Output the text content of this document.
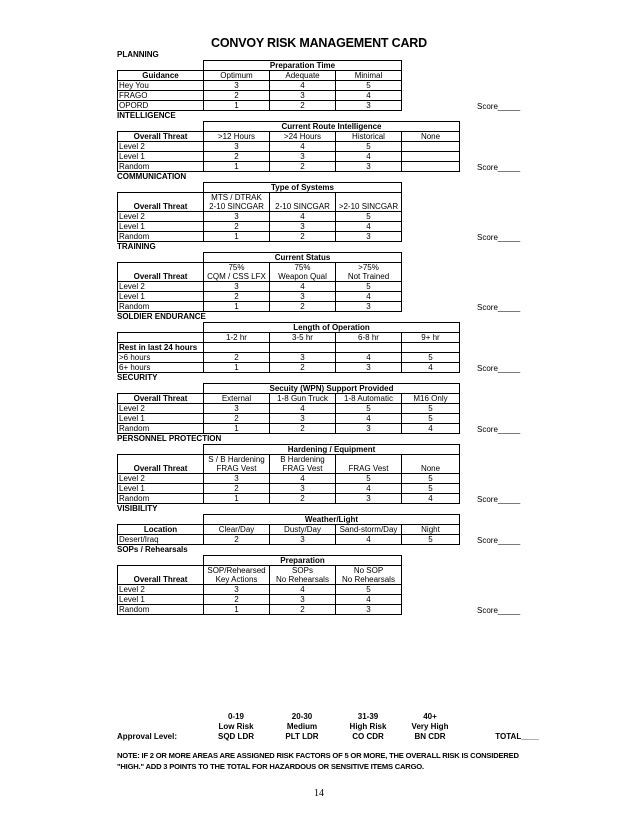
CONVOY RISK MANAGEMENT CARD
PLANNING
	Preparation Time		
Guidance	Optimum	Adequate	Minimal
Hey You	3	4	5
FRAGO	2	3	4
OPORD	1	2	3	Score_____
INTELLIGENCE
	Current Route Intelligence			
Overall Threat	>12 Hours	>24 Hours	Historical	None
Level 2	3	4	5	
Level 1	2	3	4	
Random	1	2	3		Score_____
COMMUNICATION
	Type of Systems		
	MTS / DTRAK		
Overall Threat	2-10 SINCGAR	2-10 SINCGAR	>2-10 SINCGAR
Level 2	3	4	5
Level 1	2	3	4
Random	1	2	3	Score_____
TRAINING
	Current Status		
	75%	75%	>75%
Overall Threat	CQM / CSS LFX	Weapon Qual	Not Trained
Level 2	3	4	5
Level 1	2	3	4
Random	1	2	3	Score_____
SOLDIER ENDURANCE
	Length of Operation			
	1-2 hr	3-5 hr	6-8 hr	9+ hr
Rest in last 24 hours				
>6 hours	2	3	4	5
6+ hours	1	2	3	4	Score_____
SECURITY
	Secuity (WPN) Support Provided			
Overall Threat	External	1-8 Gun Truck	1-8 Automatic	M16 Only
Level 2	3	4	5	5
Level 1	2	3	4	5
Random	1	2	3	4	Score_____
PERSONNEL PROTECTION
	Hardening / Equipment			
	S / B Hardening	B Hardening		
Overall Threat	FRAG Vest	FRAG Vest	FRAG Vest	None
Level 2	3	4	5	5
Level 1	2	3	4	5
Random	1	2	3	4	Score_____
VISIBILITY
	Weather/Light			
Location	Clear/Day	Dusty/Day	Sand-storm/Day	Night
Desert/Iraq	2	3	4	5	Score_____
SOPs / Rehearsals
	Preparation		
	SOP/Rehearsed	SOPs	No SOP
Overall Threat	Key Actions	No Rehearsals	No Rehearsals
Level 2	3	4	5
Level 1	2	3	4
Random	1	2	3	Score_____
	0-19	20-30	31-39	40+	
	Low Risk	Medium	High Risk	Very High	
Approval Level:	SQD LDR	PLT LDR	CO CDR	BN CDR	TOTAL____
NOTE: IF 2 OR MORE AREAS ARE ASSIGNED RISK FACTORS OF 5 OR MORE, THE OVERALL RISK IS CONSIDERED
"HIGH." ADD 3 POINTS TO THE TOTAL FOR HAZARDOUS OR SENSITIVE ITEMS CARGO.
14
